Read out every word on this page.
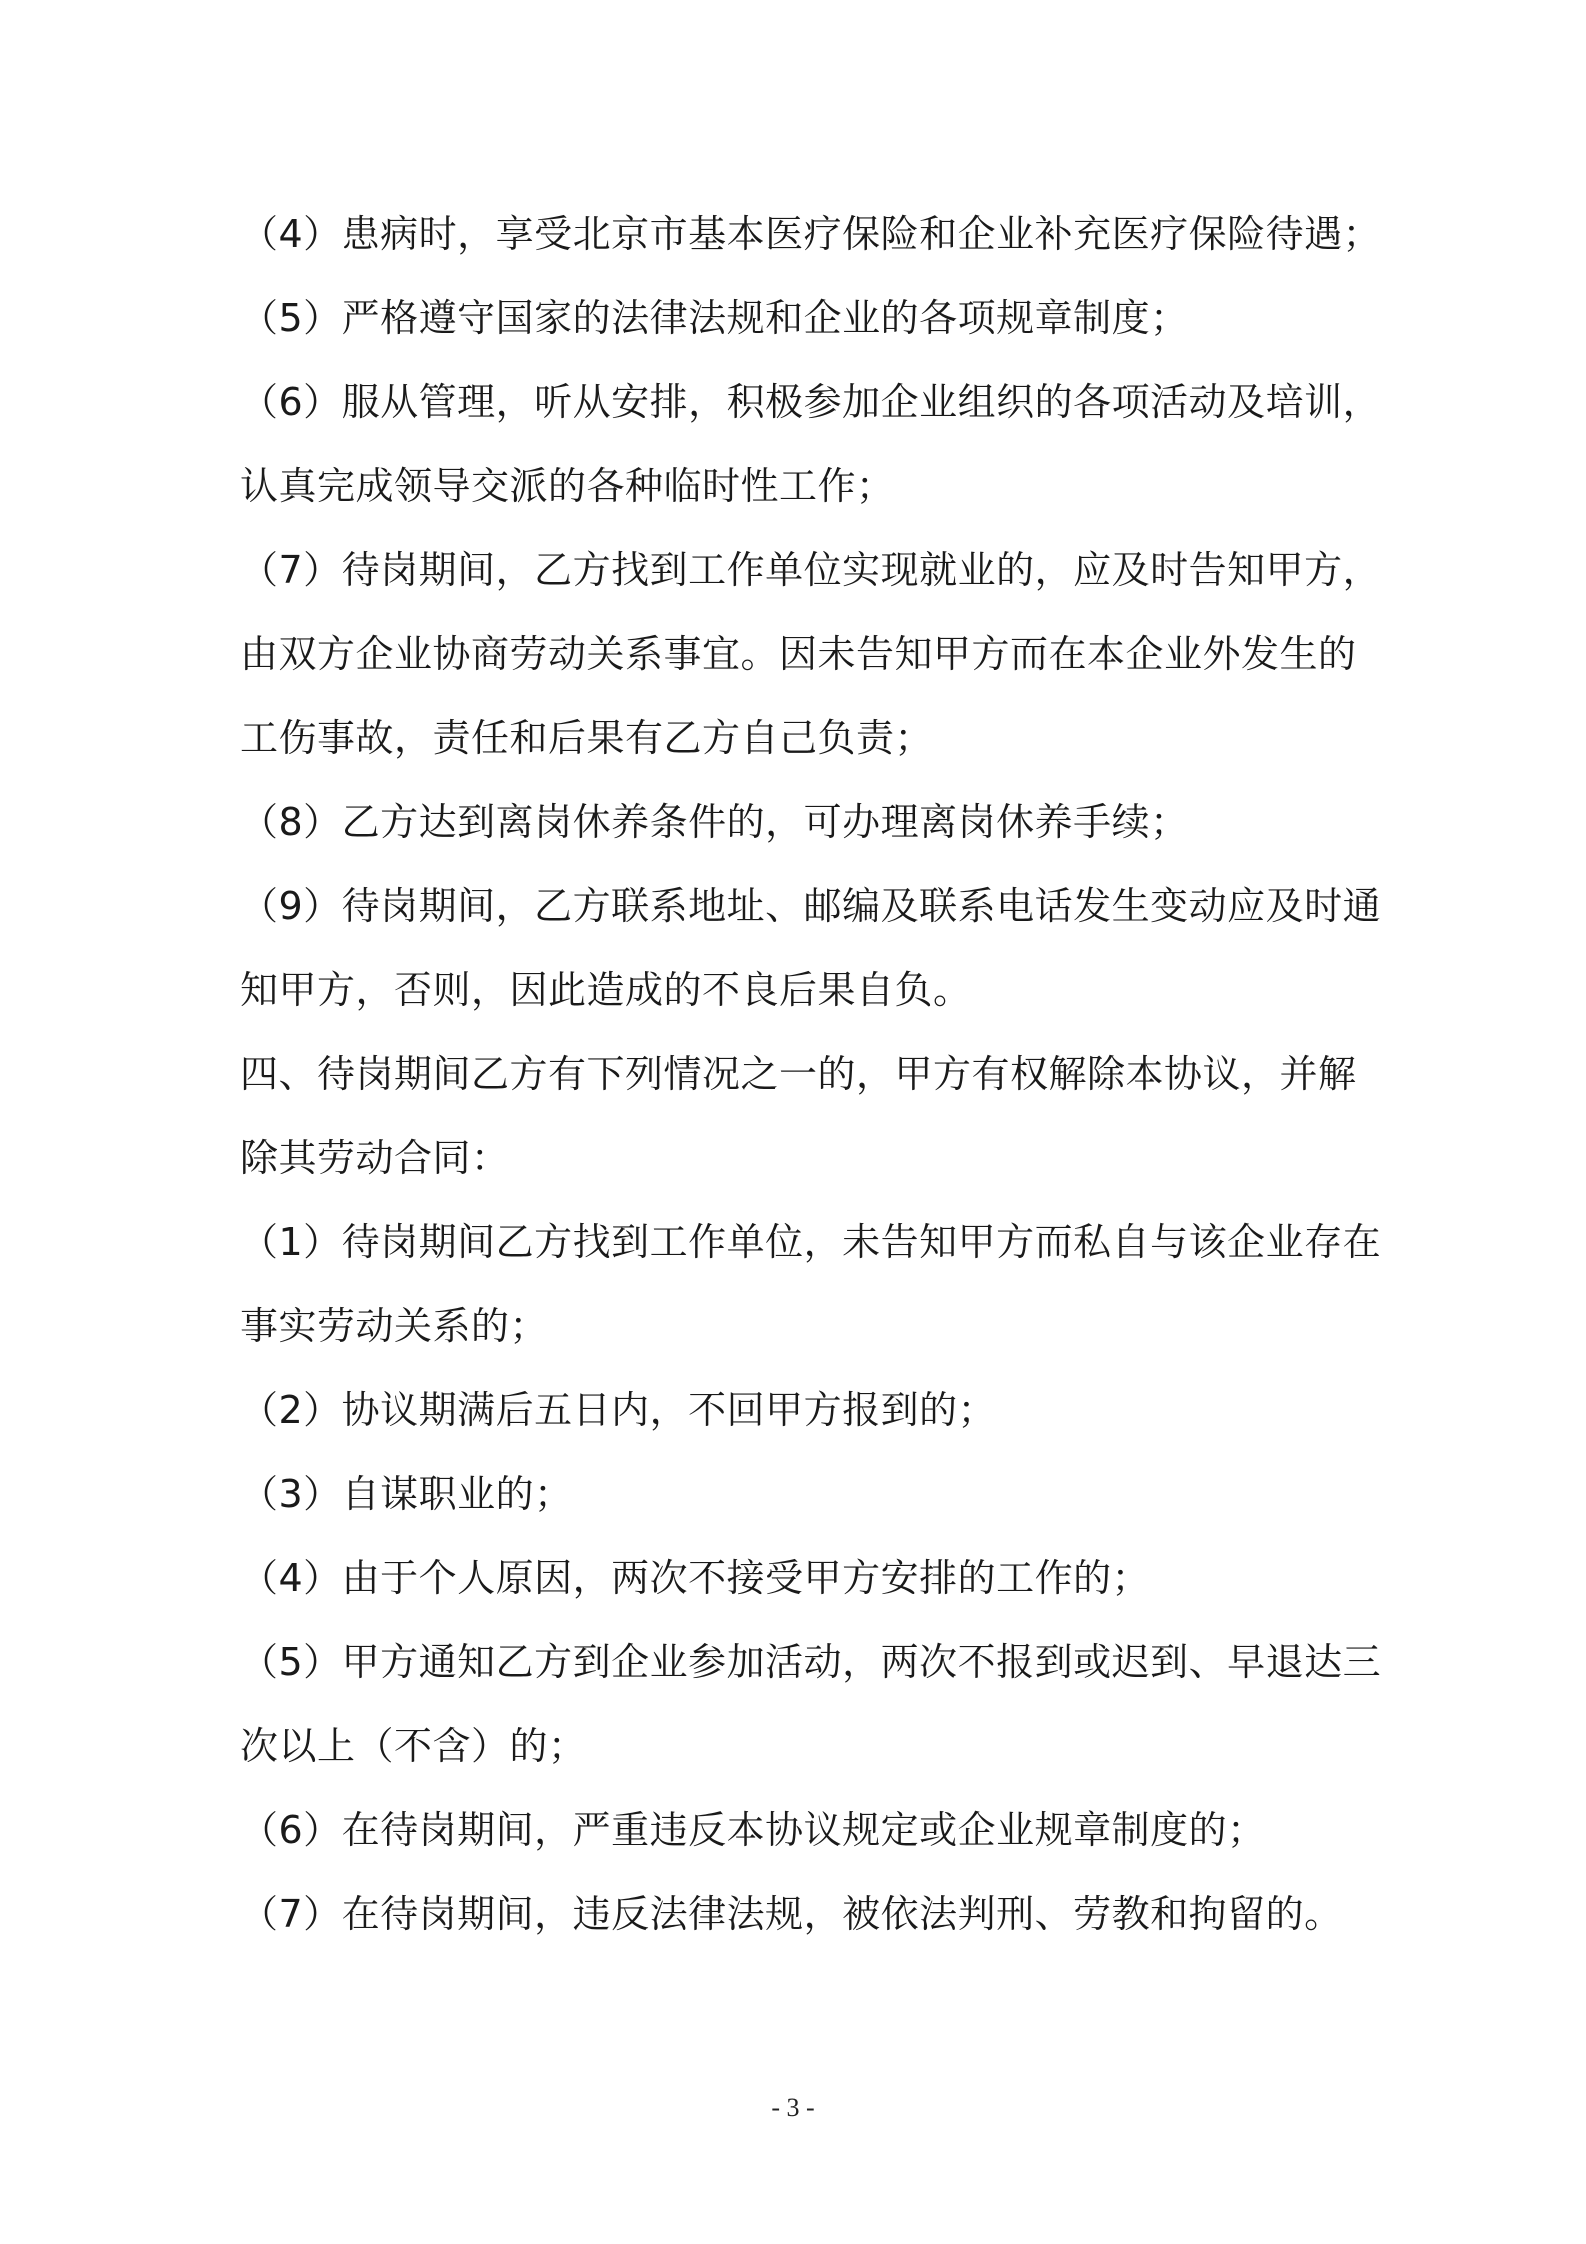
（4）患病时，享受北京市基本医疗保险和企业补充医疗保险待遇；
（5）严格遵守国家的法律法规和企业的各项规章制度；
（6）服从管理，听从安排，积极参加企业组织的各项活动及培训，
认真完成领导交派的各种临时性工作；
（7）待岗期间，乙方找到工作单位实现就业的，应及时告知甲方，
由双方企业协商劳动关系事宜。因未告知甲方而在本企业外发生的
工伤事故，责任和后果有乙方自己负责；
（8）乙方达到离岗休养条件的，可办理离岗休养手续；
（9）待岗期间，乙方联系地址、邮编及联系电话发生变动应及时通
知甲方，否则，因此造成的不良后果自负。
四、待岗期间乙方有下列情况之一的，甲方有权解除本协议，并解
除其劳动合同：
（1）待岗期间乙方找到工作单位，未告知甲方而私自与该企业存在
事实劳动关系的；
（2）协议期满后五日内，不回甲方报到的；
（3）自谋职业的；
（4）由于个人原因，两次不接受甲方安排的工作的；
（5）甲方通知乙方到企业参加活动，两次不报到或迟到、早退达三
次以上（不含）的；
（6）在待岗期间，严重违反本协议规定或企业规章制度的；
（7）在待岗期间，违反法律法规，被依法判刑、劳教和拘留的。
- 3 -
